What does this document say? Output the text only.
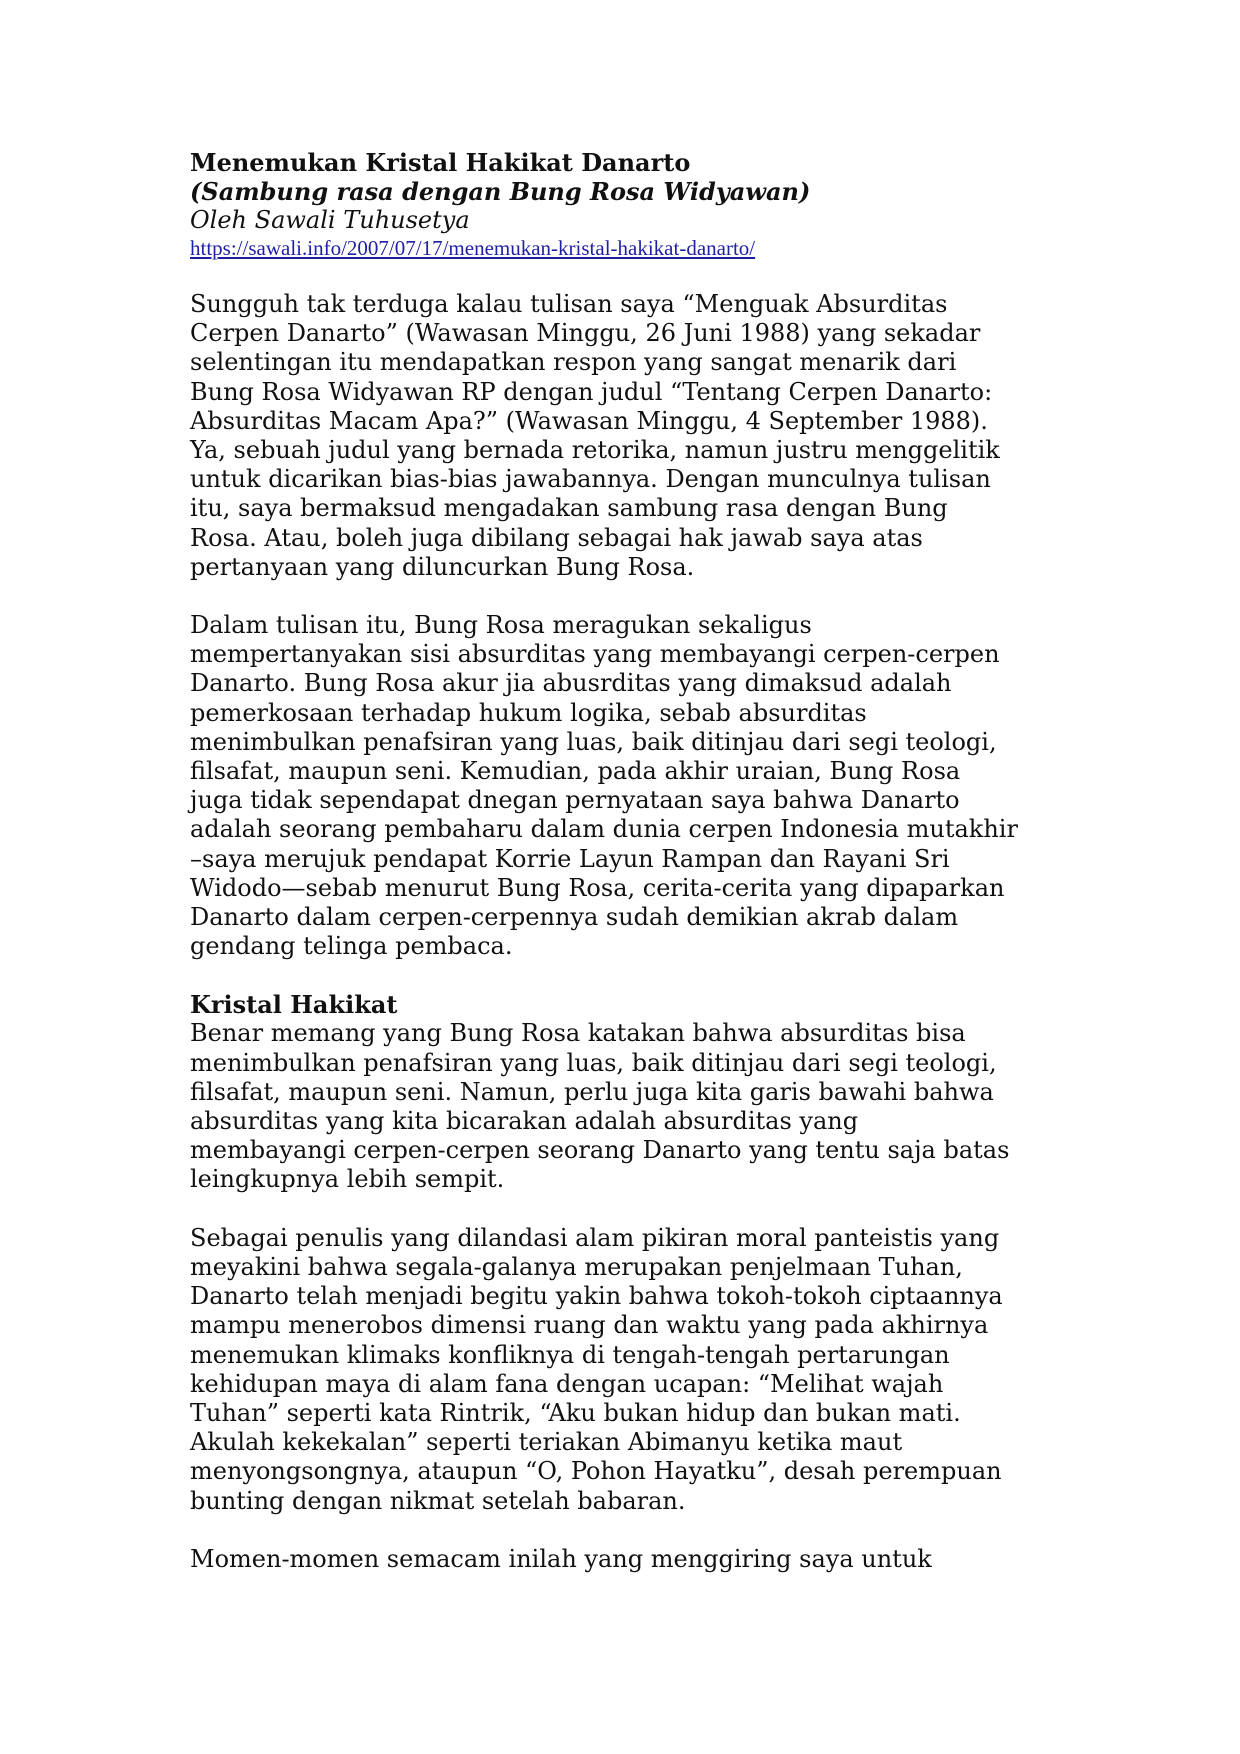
Menemukan Kristal Hakikat Danarto
(Sambung rasa dengan Bung Rosa Widyawan)

Oleh Sawali Tuhusetya

https://sawali.info/2007/07/17/menemukan-kristal-hakikat-danarto/

Sungguh tak terduga kalau tulisan saya “Menguak Absurditas
Cerpen Danarto” (Wawasan Minggu, 26 Juni 1988) yang sekadar
selentingan itu mendapatkan respon yang sangat menarik dari
Bung Rosa Widyawan RP dengan judul “Tentang Cerpen Danarto:
Absurditas Macam Apa?” (Wawasan Minggu, 4 September 1988).
Ya, sebuah judul yang bernada retorika, namun justru menggelitik
untuk dicarikan bias-bias jawabannya. Dengan munculnya tulisan
itu, saya bermaksud mengadakan sambung rasa dengan Bung
Rosa. Atau, boleh juga dibilang sebagai hak jawab saya atas
pertanyaan yang diluncurkan Bung Rosa.

Dalam tulisan itu, Bung Rosa meragukan sekaligus
mempertanyakan sisi absurditas yang membayangi cerpen-cerpen
Danarto. Bung Rosa akur jia abusrditas yang dimaksud adalah
pemerkosaan terhadap hukum logika, sebab absurditas
menimbulkan penafsiran yang luas, baik ditinjau dari segi teologi,
filsafat, maupun seni. Kemudian, pada akhir uraian, Bung Rosa
juga tidak sependapat dnegan pernyataan saya bahwa Danarto
adalah seorang pembaharu dalam dunia cerpen Indonesia mutakhir
–saya merujuk pendapat Korrie Layun Rampan dan Rayani Sri
Widodo—sebab menurut Bung Rosa, cerita-cerita yang dipaparkan
Danarto dalam cerpen-cerpennya sudah demikian akrab dalam
gendang telinga pembaca.

Kristal Hakikat

Benar memang yang Bung Rosa katakan bahwa absurditas bisa
menimbulkan penafsiran yang luas, baik ditinjau dari segi teologi,
filsafat, maupun seni. Namun, perlu juga kita garis bawahi bahwa
absurditas yang kita bicarakan adalah absurditas yang
membayangi cerpen-cerpen seorang Danarto yang tentu saja batas
leingkupnya lebih sempit.

Sebagai penulis yang dilandasi alam pikiran moral panteistis yang
meyakini bahwa segala-galanya merupakan penjelmaan Tuhan,
Danarto telah menjadi begitu yakin bahwa tokoh-tokoh ciptaannya
mampu menerobos dimensi ruang dan waktu yang pada akhirnya
menemukan klimaks konfliknya di tengah-tengah pertarungan
kehidupan maya di alam fana dengan ucapan: “Melihat wajah
Tuhan” seperti kata Rintrik, “Aku bukan hidup dan bukan mati.
Akulah kekekalan” seperti teriakan Abimanyu ketika maut
menyongsongnya, ataupun “O, Pohon Hayatku”, desah perempuan
bunting dengan nikmat setelah babaran.

Momen-momen semacam inilah yang menggiring saya untuk
